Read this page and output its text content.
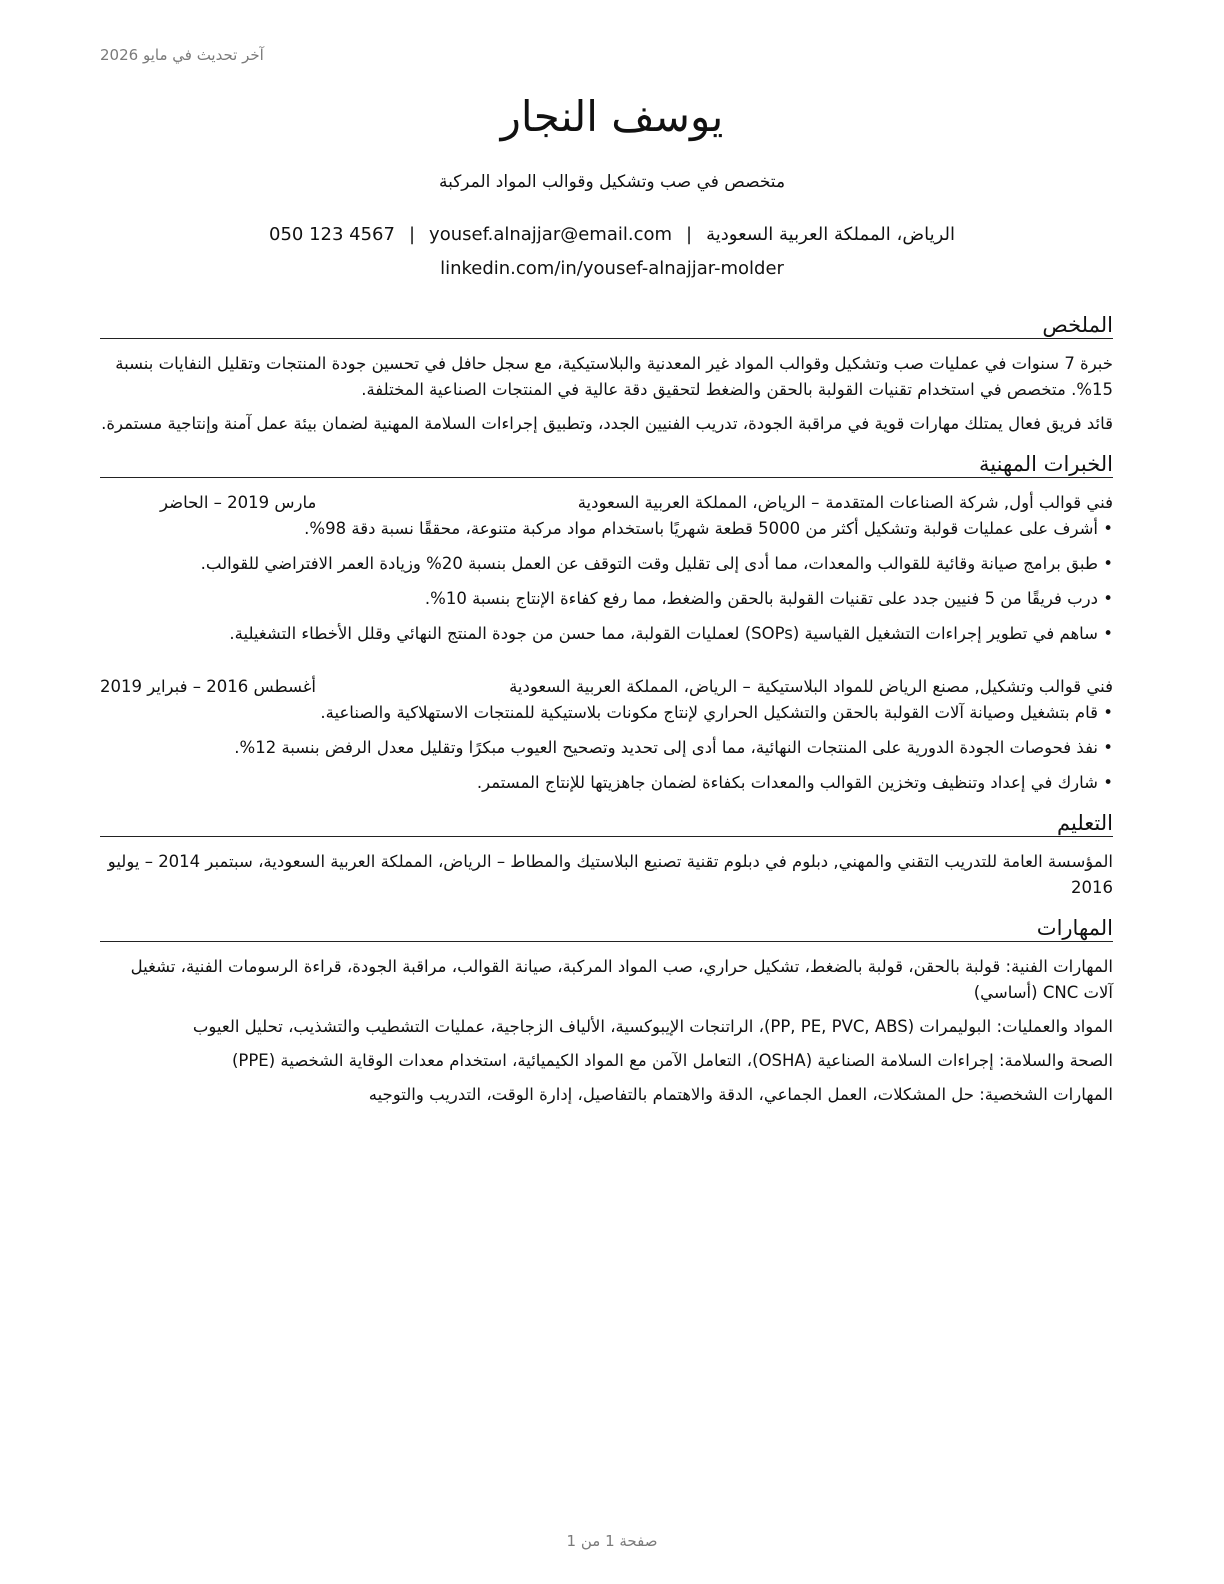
آخر تحديث في مايو 2026
يوسف النجار
متخصص في صب وتشكيل وقوالب المواد المركبة
الرياض، المملكة العربية السعودية|yousef.alnajjar@email.com|050 123 4567
linkedin.com/in/yousef-alnajjar-molder
الملخص

خبرة 7 سنوات في عمليات صب وتشكيل وقوالب المواد غير المعدنية والبلاستيكية، مع سجل حافل في تحسين جودة المنتجات وتقليل النفايات بنسبة 15%. متخصص في استخدام تقنيات القولبة بالحقن والضغط لتحقيق دقة عالية في المنتجات الصناعية المختلفة.

قائد فريق فعال يمتلك مهارات قوية في مراقبة الجودة، تدريب الفنيين الجدد، وتطبيق إجراءات السلامة المهنية لضمان بيئة عمل آمنة وإنتاجية مستمرة.

الخبرات المهنية
فني قوالب أول, شركة الصناعات المتقدمة
– الرياض، المملكة العربية السعودية
مارس 2019 – الحاضر
• أشرف على عمليات قولبة وتشكيل أكثر من 5000 قطعة شهريًا باستخدام مواد مركبة متنوعة، محققًا نسبة دقة 98%.
• طبق برامج صيانة وقائية للقوالب والمعدات، مما أدى إلى تقليل وقت التوقف عن العمل بنسبة 20% وزيادة العمر الافتراضي للقوالب.
• درب فريقًا من 5 فنيين جدد على تقنيات القولبة بالحقن والضغط، مما رفع كفاءة الإنتاج بنسبة 10%.
• ساهم في تطوير إجراءات التشغيل القياسية (SOPs) لعمليات القولبة، مما حسن من جودة المنتج النهائي وقلل الأخطاء التشغيلية.
فني قوالب وتشكيل, مصنع الرياض للمواد البلاستيكية
– الرياض، المملكة العربية السعودية
أغسطس 2016 – فبراير 2019
• قام بتشغيل وصيانة آلات القولبة بالحقن والتشكيل الحراري لإنتاج مكونات بلاستيكية للمنتجات الاستهلاكية والصناعية.
• نفذ فحوصات الجودة الدورية على المنتجات النهائية، مما أدى إلى تحديد وتصحيح العيوب مبكرًا وتقليل معدل الرفض بنسبة 12%.
• شارك في إعداد وتنظيف وتخزين القوالب والمعدات بكفاءة لضمان جاهزيتها للإنتاج المستمر.
التعليم

المؤسسة العامة للتدريب التقني والمهني, دبلوم في دبلوم تقنية تصنيع البلاستيك والمطاط – الرياض، المملكة العربية السعودية، سبتمبر 2014 – يوليو 2016

المهارات

المهارات الفنية: قولبة بالحقن، قولبة بالضغط، تشكيل حراري، صب المواد المركبة، صيانة القوالب، مراقبة الجودة، قراءة الرسومات الفنية، تشغيل آلات CNC (أساسي)

المواد والعمليات: البوليمرات (PP, PE, PVC, ABS)، الراتنجات الإيبوكسية، الألياف الزجاجية، عمليات التشطيب والتشذيب، تحليل العيوب

الصحة والسلامة: إجراءات السلامة الصناعية (OSHA)، التعامل الآمن مع المواد الكيميائية، استخدام معدات الوقاية الشخصية (PPE)

المهارات الشخصية: حل المشكلات، العمل الجماعي، الدقة والاهتمام بالتفاصيل، إدارة الوقت، التدريب والتوجيه

صفحة 1 من 1
